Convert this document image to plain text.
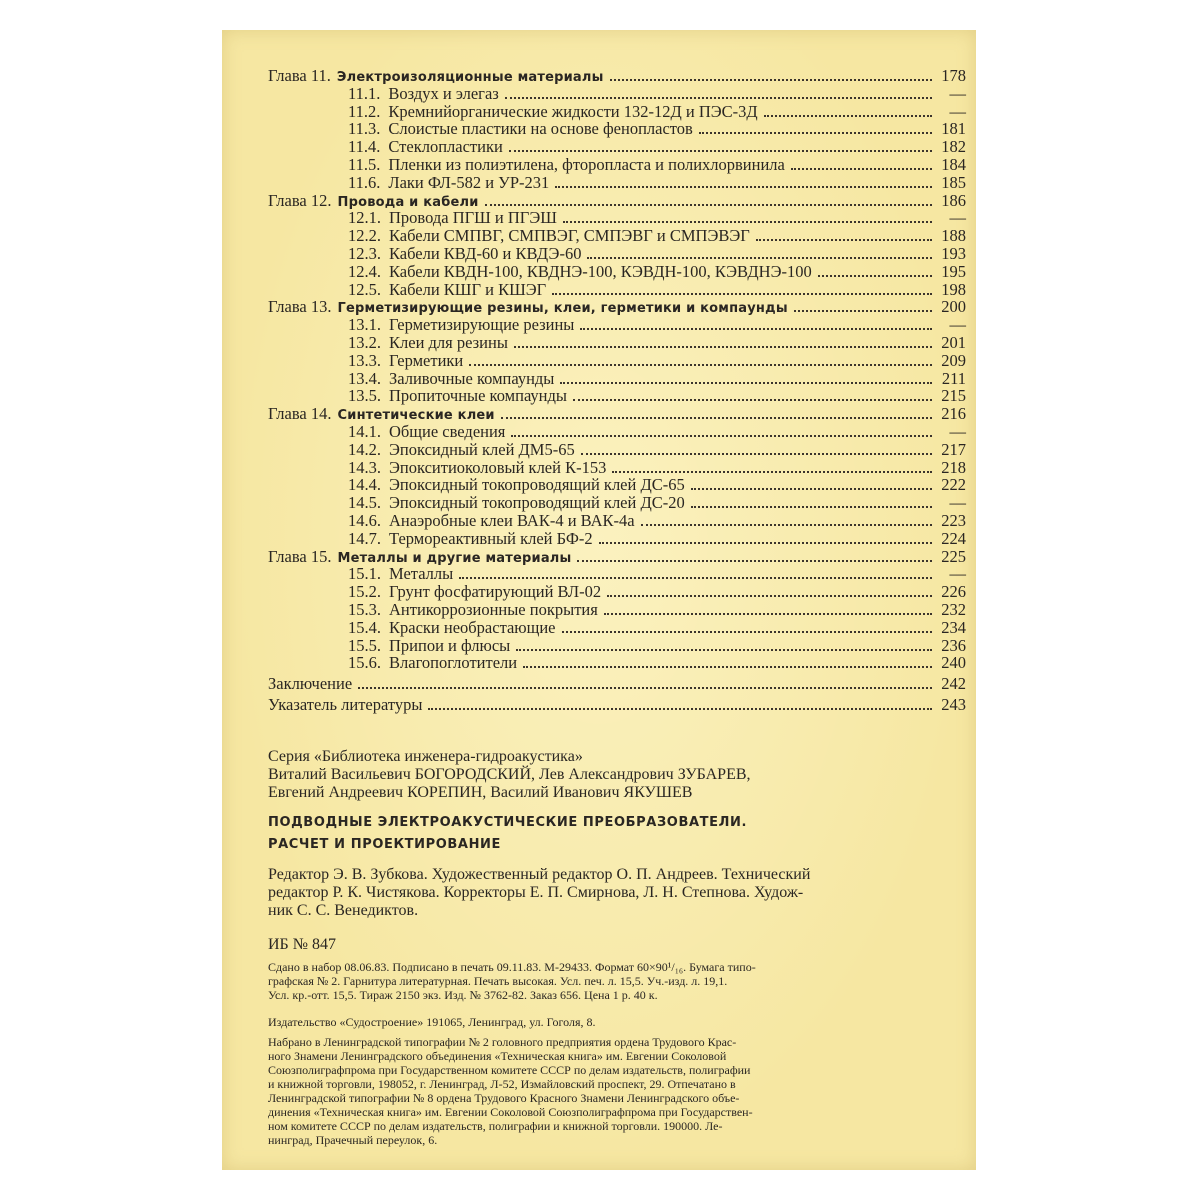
Глава 11. Электроизоляционные материалы	178
11.1. Воздух и элегаз	—
11.2. Кремнийорганические жидкости 132-12Д и ПЭС-3Д	—
11.3. Слоистые пластики на основе фенопластов	181
11.4. Стеклопластики	182
11.5. Пленки из полиэтилена, фторопласта и полихлорвинила	184
11.6. Лаки ФЛ-582 и УР-231	185
Глава 12. Провода и кабели	186
12.1. Провода ПГШ и ПГЭШ	—
12.2. Кабели СМПВГ, СМПВЭГ, СМПЭВГ и СМПЭВЭГ	188
12.3. Кабели КВД-60 и КВДЭ-60	193
12.4. Кабели КВДН-100, КВДНЭ-100, КЭВДН-100, КЭВДНЭ-100	195
12.5. Кабели КШГ и КШЭГ	198
Глава 13. Герметизирующие резины, клеи, герметики и компаунды	200
13.1. Герметизирующие резины	—
13.2. Клеи для резины	201
13.3. Герметики	209
13.4. Заливочные компаунды	211
13.5. Пропиточные компаунды	215
Глава 14. Синтетические клеи	216
14.1. Общие сведения	—
14.2. Эпоксидный клей ДМ5-65	217
14.3. Эпокситиоколовый клей К-153	218
14.4. Эпоксидный токопроводящий клей ДС-65	222
14.5. Эпоксидный токопроводящий клей ДС-20	—
14.6. Анаэробные клеи ВАК-4 и ВАК-4а	223
14.7. Термореактивный клей БФ-2	224
Глава 15. Металлы и другие материалы	225
15.1. Металлы	—
15.2. Грунт фосфатирующий ВЛ-02	226
15.3. Антикоррозионные покрытия	232
15.4. Краски необрастающие	234
15.5. Припои и флюсы	236
15.6. Влагопоглотители	240
Заключение	242
Указатель литературы	243
Серия «Библиотека инженера-гидроакустика»
Виталий Васильевич БОГОРОДСКИЙ, Лев Александрович ЗУБАРЕВ,
Евгений Андреевич КОРЕПИН, Василий Иванович ЯКУШЕВ
ПОДВОДНЫЕ ЭЛЕКТРОАКУСТИЧЕСКИЕ ПРЕОБРАЗОВАТЕЛИ.
РАСЧЕТ И ПРОЕКТИРОВАНИЕ
Редактор Э. В. Зубкова. Художественный редактор О. П. Андреев. Технический
редактор Р. К. Чистякова. Корректоры Е. П. Смирнова, Л. Н. Степнова. Худож-
ник С. С. Венедиктов.
ИБ № 847
Сдано в набор 08.06.83. Подписано в печать 09.11.83. М-29433. Формат 60×90¹/₁₆. Бумага типо-
графская № 2. Гарнитура литературная. Печать высокая. Усл. печ. л. 15,5. Уч.-изд. л. 19,1.
Усл. кр.-отт. 15,5. Тираж 2150 экз. Изд. № 3762-82. Заказ 656. Цена 1 р. 40 к.
Издательство «Судостроение» 191065, Ленинград, ул. Гоголя, 8.
Набрано в Ленинградской типографии № 2 головного предприятия ордена Трудового Крас-
ного Знамени Ленинградского объединения «Техническая книга» им. Евгении Соколовой
Союзполиграфпрома при Государственном комитете СССР по делам издательств, полиграфии
и книжной торговли, 198052, г. Ленинград, Л-52, Измайловский проспект, 29. Отпечатано в
Ленинградской типографии № 8 ордена Трудового Красного Знамени Ленинградского объе-
динения «Техническая книга» им. Евгении Соколовой Союзполиграфпрома при Государствен-
ном комитете СССР по делам издательств, полиграфии и книжной торговли. 190000. Ле-
нинград, Прачечный переулок, 6.
